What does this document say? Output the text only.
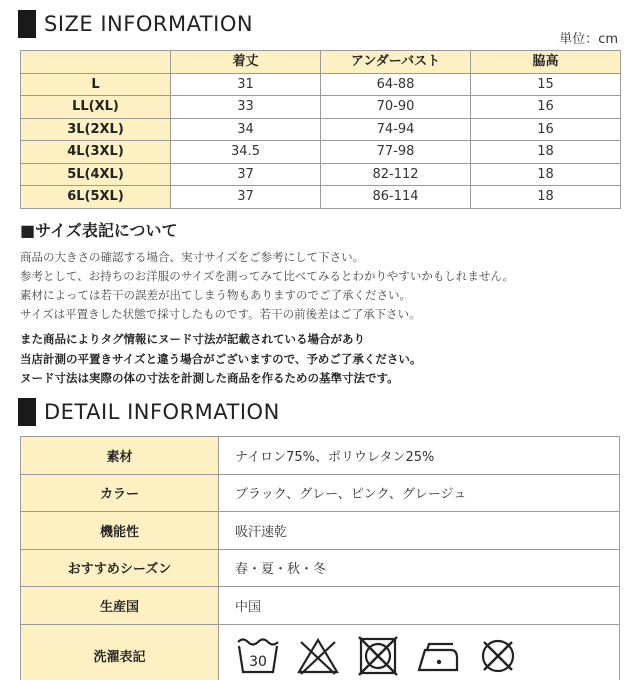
SIZE INFORMATION
単位：cm
	着丈	アンダーバスト	脇高
L	31	64-88	15
LL(XL)	33	70-90	16
3L(2XL)	34	74-94	16
4L(3XL)	34.5	77-98	18
5L(4XL)	37	82-112	18
6L(5XL)	37	86-114	18
■サイズ表記について
商品の大きさの確認する場合、実寸サイズをご参考にして下さい。
参考として、お持ちのお洋服のサイズを測ってみて比べてみるとわかりやすいかもしれません。
素材によっては若干の誤差が出てしまう物もありますのでご了承ください。
サイズは平置きした状態で採寸したものです。若干の前後差はご了承下さい。
また商品によりタグ情報にヌード寸法が記載されている場合があり
当店計測の平置きサイズと違う場合がございますので、予めご了承ください。
ヌード寸法は実際の体の寸法を計測した商品を作るための基準寸法です。
DETAIL INFORMATION
素材	ナイロン75%、ポリウレタン25%
カラー	ブラック、グレー、ピンク、グレージュ
機能性	吸汗速乾
おすすめシーズン	春・夏・秋・冬
生産国	中国
洗濯表記	30
